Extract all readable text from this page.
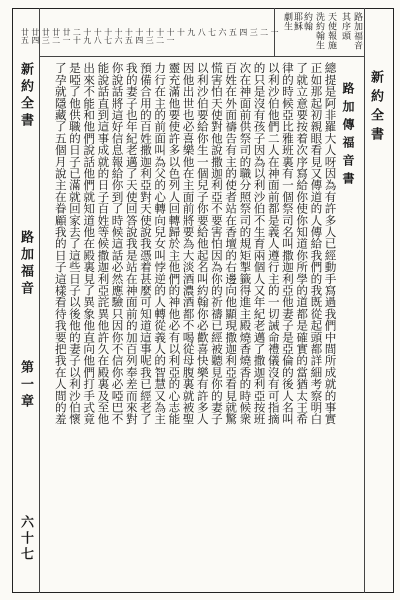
路加福音
其序頭
天使報施
洗約翰生
約翰
耶穌
劇生
新約全書
新約全書
路加福音
第一章
六十七
一
二
三
四
五
六
七
八
九
十
十一
十二
十三
十四
十五
十六
十七
十八
十九
二十
廿一
廿二
廿三
廿四
廿五
路加傳福音書
總提是阿非羅大人呀因為有許多人已經動手寫過我們中間所成就的事實
正如那起初親眼看見又傳道的人傳給我們的我既從起頭都詳細考察明白
了就立意要按着次序寫給你使你知道你所學的道都是確實的當猶太王希
律的時候亞比雅班裏有一個祭司名叫撒迦利亞他妻子是亞倫的後人名叫
以利沙伯他們二人在神面前都是義人遵行主的一切誡命禮儀沒有可指摘
的只是沒有孩子因為以利沙伯不生育兩個人又年紀老邁了撒迦利亞按班
次在神面前供祭司的職分照祭司的規矩掣籤得進主殿燒香燒香的時候衆
百姓在外面禱告有主的使者站在香壇的右邊向他顯現撒迦利亞看見就驚
慌害怕天使對他說撒迦利亞不要害怕因為你的祈禱已經被聽見你的妻子
以利沙伯要給你生一個兒子你要給他起名叫約翰你必歡喜快樂有許多人
因他出世也必喜樂他在主面前將要為大淡酒濃酒都不喝從母腹裏就被聖
靈充滿他要使許多以色列人回轉歸於主他們的神他必有以利亞的心志能
力行在主的前面叫為父的心轉向兒女叫悖逆的人轉從義人的智慧又為主
預備合用的百姓撒迦利亞對天使說我憑着甚麼可知道這事呢我已經老了
我的妻子也年紀老邁了天使回答說我是站在神面前的加百列奉差而來對
你說話將這好信息報給你到了時候這話必然應驗只因你不信你必啞巴不
能說話直到這事成就的日子百姓等候撒迦利亞詫異他許久在殿裏及至他
出來不能和他們說話他們就知道他在殿裏見了異象他直向他們打手式竟
是啞了他供職的日子已滿就回家去了這些日子以後他的妻子以利沙伯懷
了孕就隱藏了五個月說主在眷顧我的日子這樣看待我要把我在人間的羞
